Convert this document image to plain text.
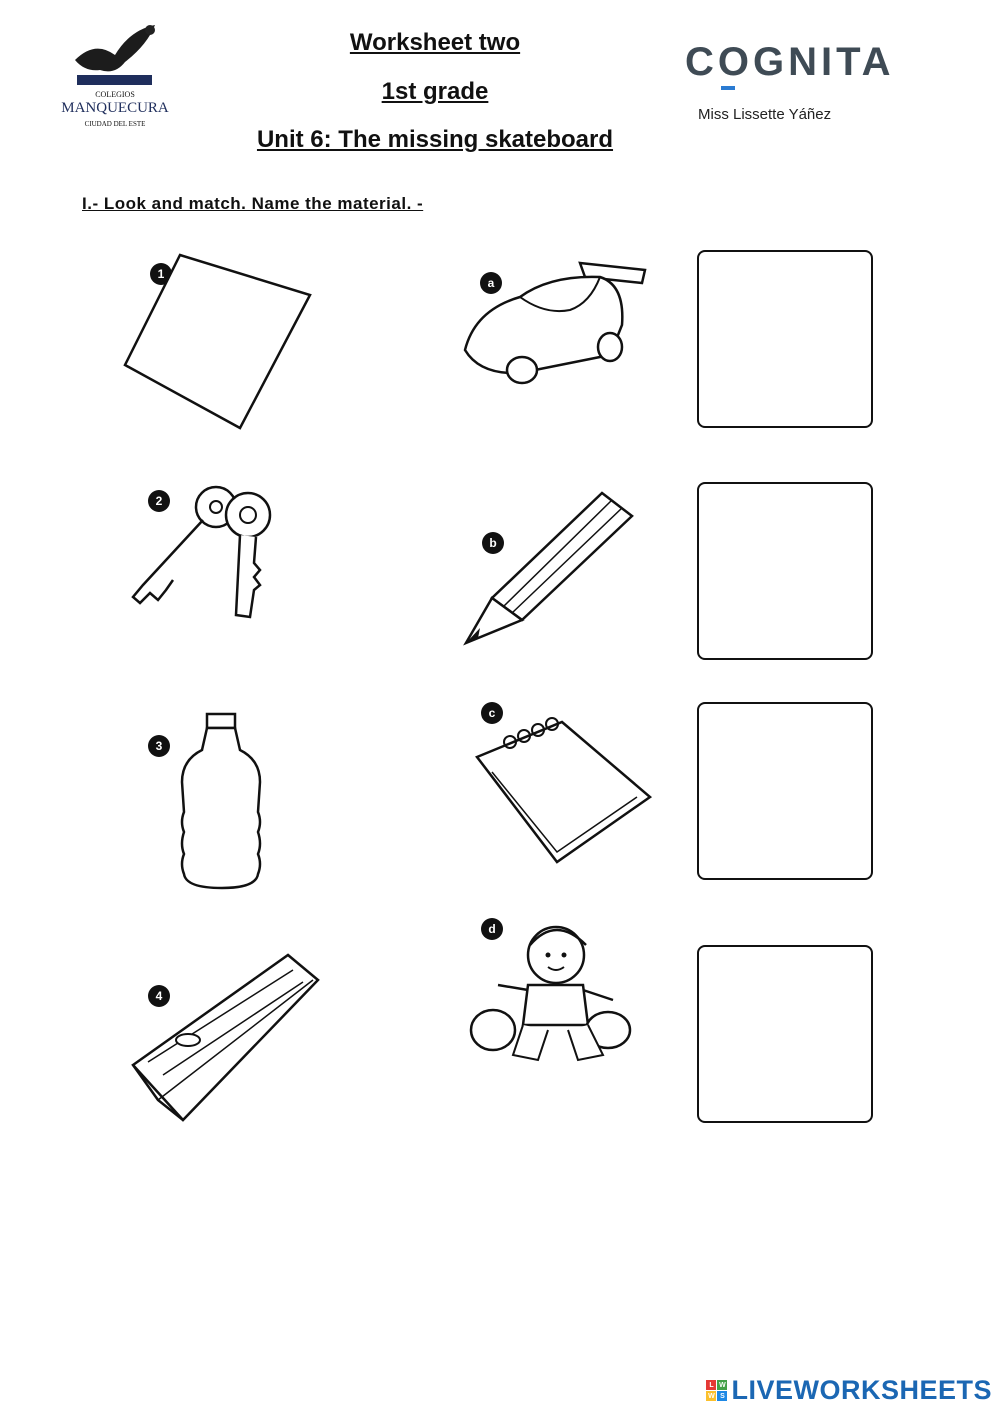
COLEGIOS
MANQUECURA
CIUDAD DEL ESTE
Worksheet two
1st grade
Unit 6: The missing skateboard
COGNITA
Miss Lissette Yáñez
I.- Look and match. Name the material. -
1
2
3
4
a
b
c
d
L W
W S LIVEWORKSHEETS
